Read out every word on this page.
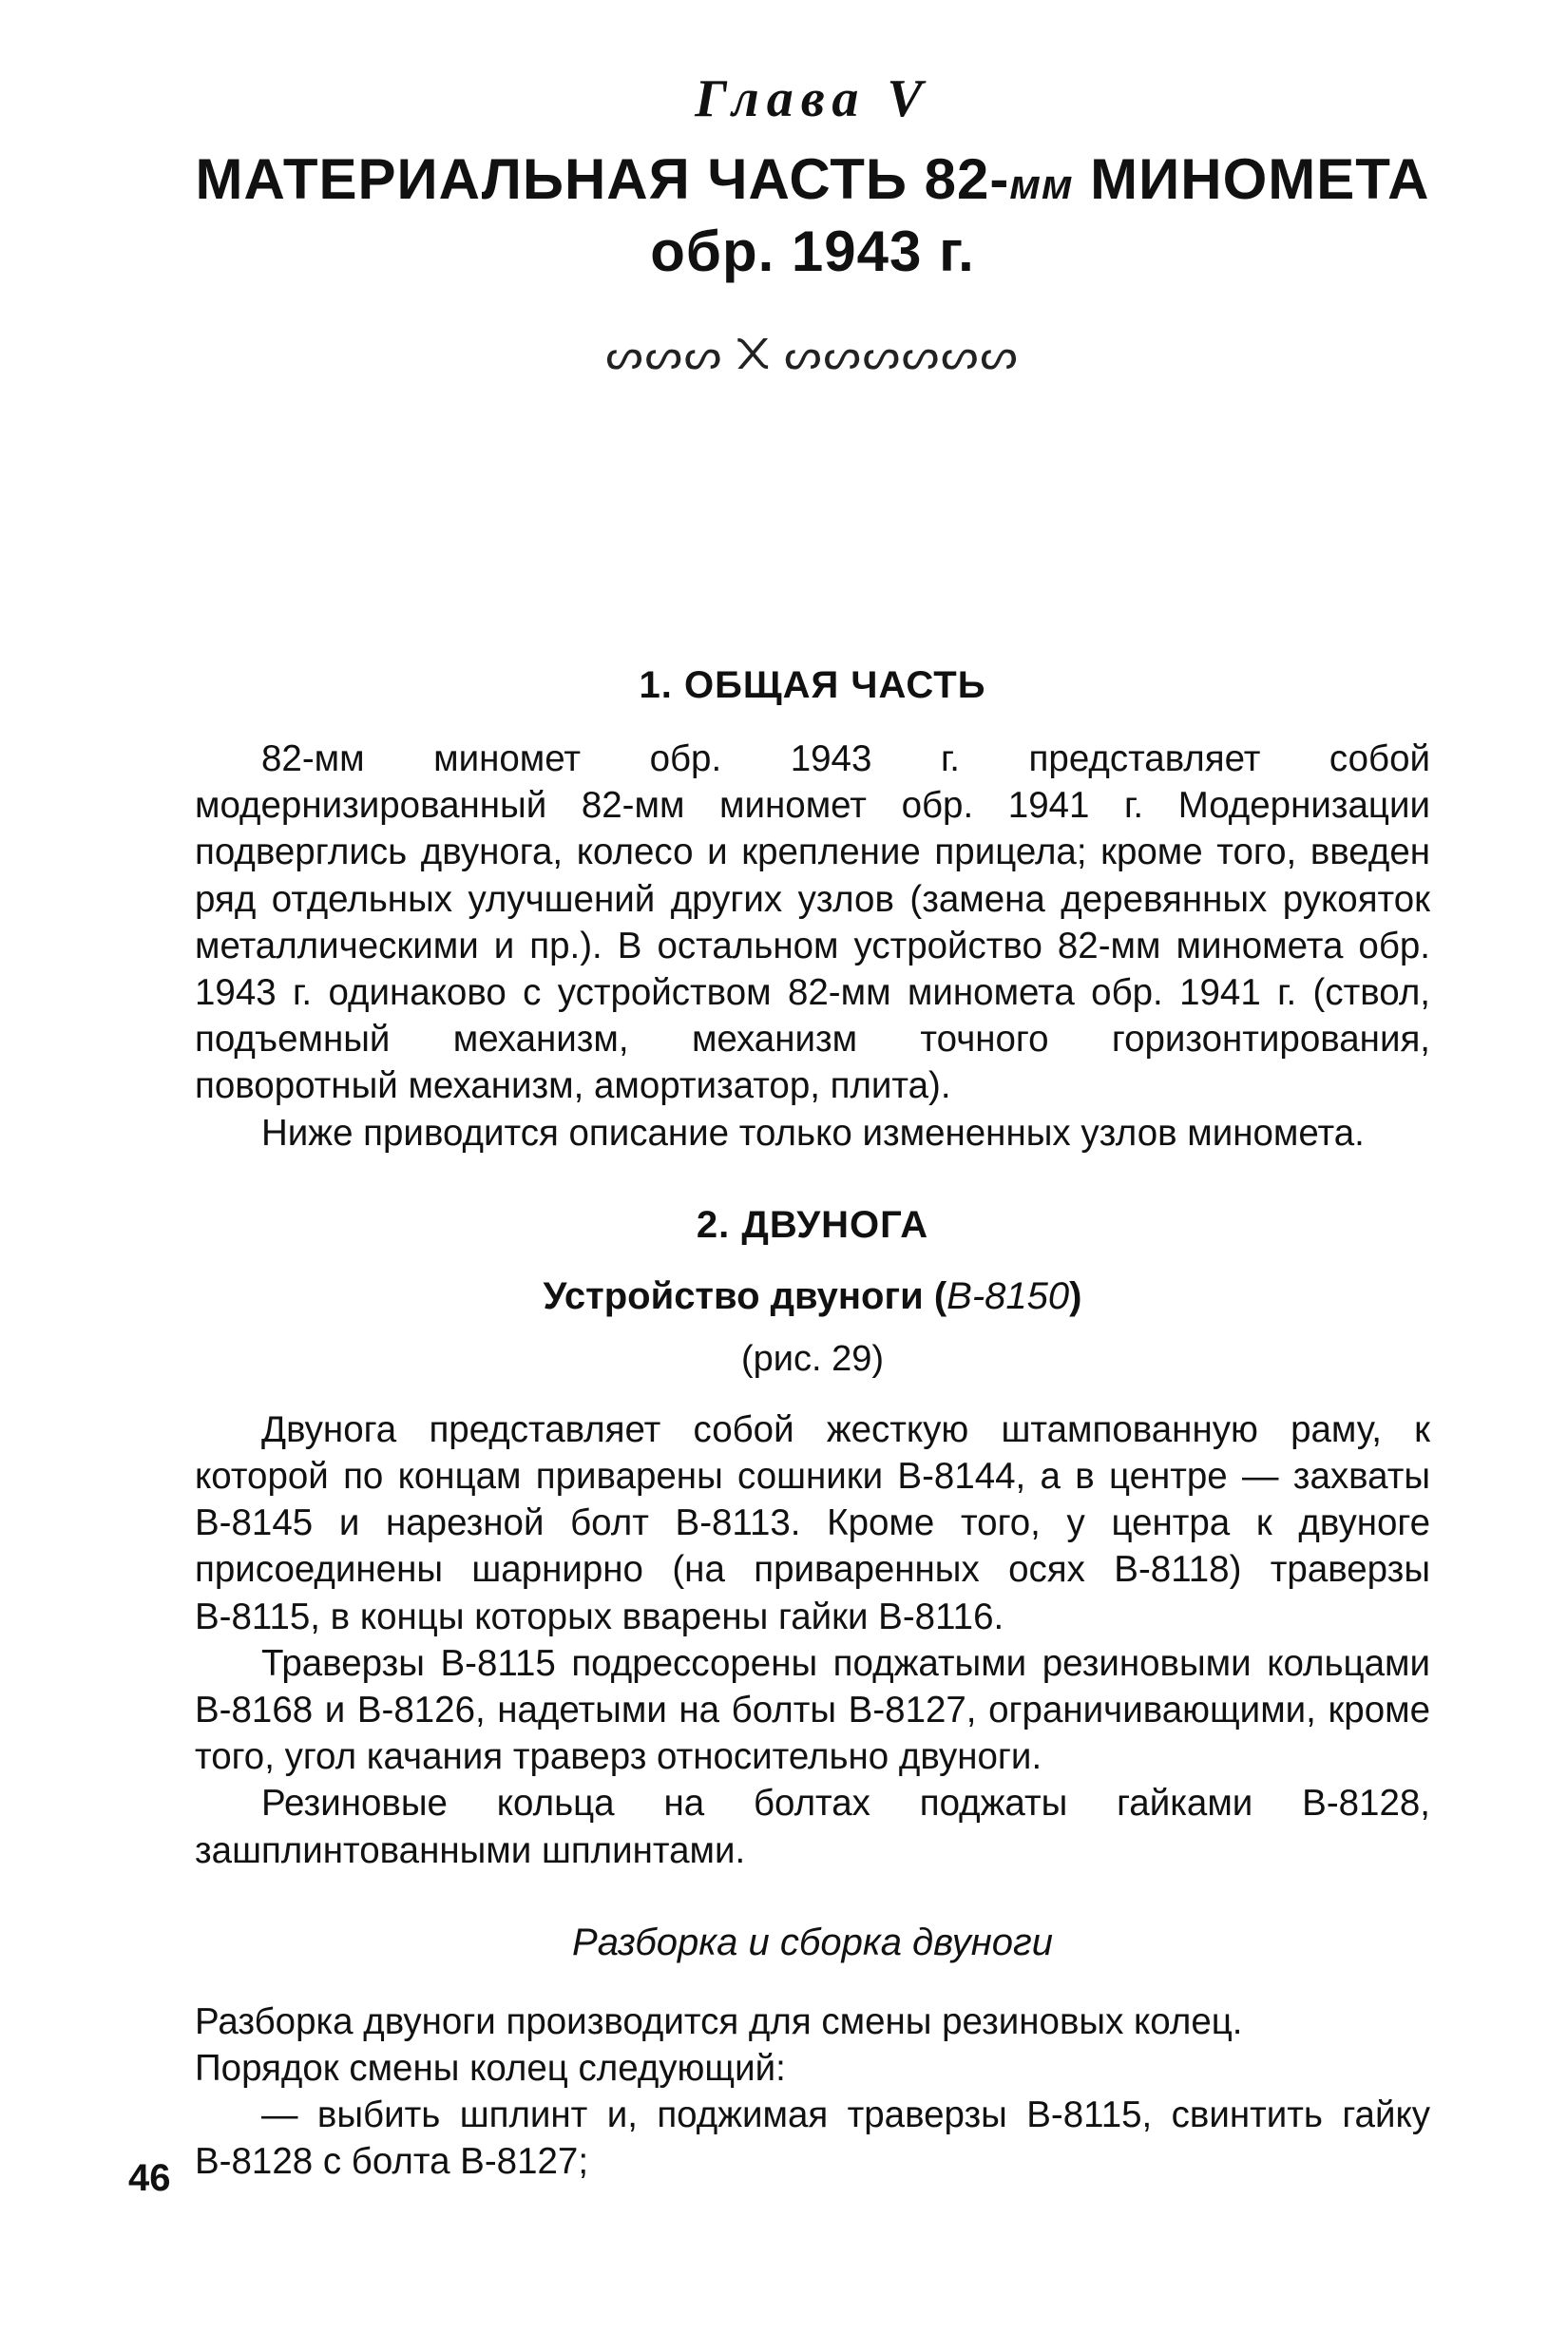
Глава V
МАТЕРИАЛЬНАЯ ЧАСТЬ 82-мм МИНОМЕТА
обр. 1943 г.
ᔕᔕᔕ ᙭ ᔕᔕᔕᔕᔕᔕ
1. ОБЩАЯ ЧАСТЬ

82-мм миномет обр. 1943 г. представляет собой модернизированный 82-мм миномет обр. 1941 г. Модернизации подверглись двунога, колесо и крепление прицела; кроме того, введен ряд отдельных улучшений других узлов (замена деревянных рукояток металлическими и пр.). В остальном устройство 82-мм миномета обр. 1943 г. одинаково с устройством 82-мм миномета обр. 1941 г. (ствол, подъемный механизм, механизм точного горизонтирования, поворотный механизм, амортизатор, плита).

Ниже приводится описание только измененных узлов миномета.

2. ДВУНОГА
Устройство двуноги (В-8150)
(рис. 29)

Двунога представляет собой жесткую штампованную раму, к которой по концам приварены сошники В-8144, а в центре — захваты В-8145 и нарезной болт В-8113. Кроме того, у центра к двуноге присоединены шарнирно (на приваренных осях В-8118) траверзы В-8115, в концы которых вварены гайки В-8116.

Траверзы В-8115 подрессорены поджатыми резиновыми кольцами В-8168 и В-8126, надетыми на болты В-8127, ограничивающими, кроме того, угол качания траверз относительно двуноги.

Резиновые кольца на болтах поджаты гайками В-8128, зашплинтованными шплинтами.

Разборка и сборка двуноги

Разборка двуноги производится для смены резиновых колец.

Порядок смены колец следующий:

— выбить шплинт и, поджимая траверзы В-8115, свинтить гайку В-8128 с болта В-8127;

46
